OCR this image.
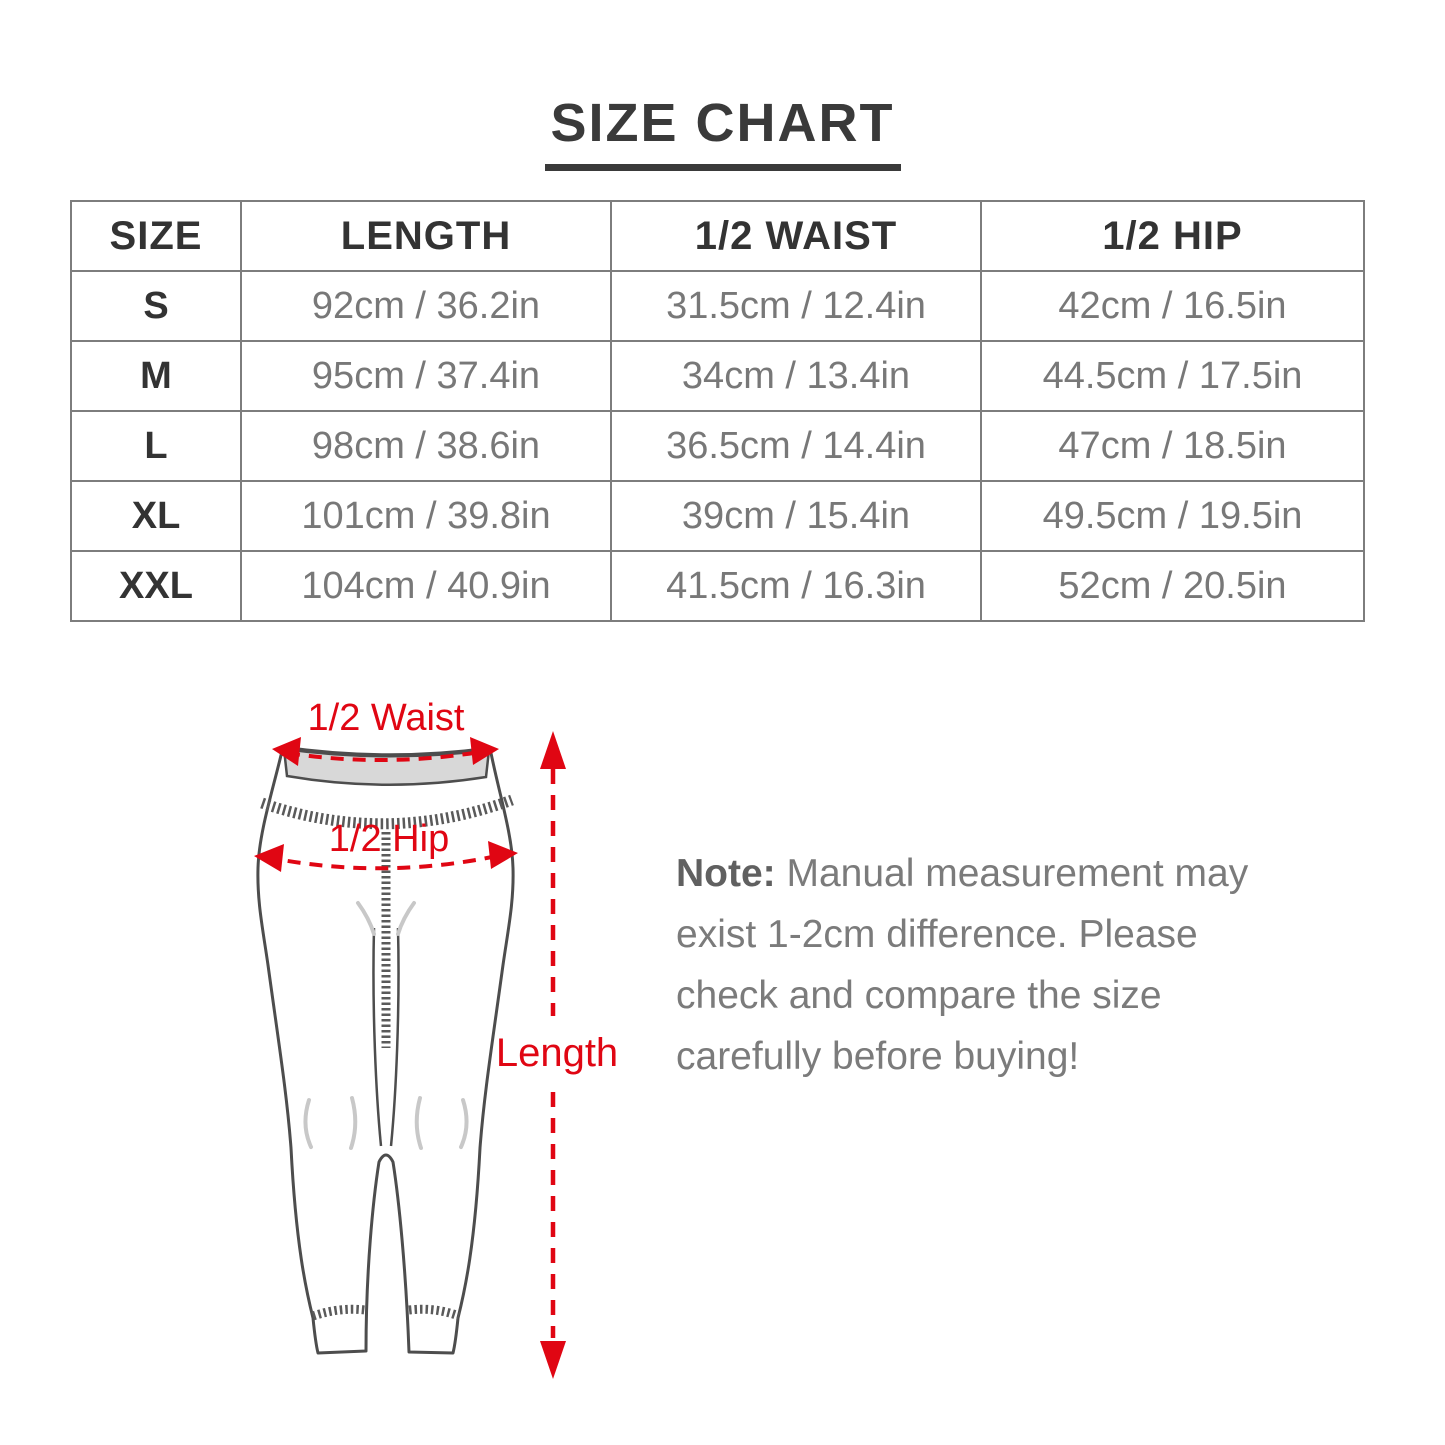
SIZE CHART
SIZE	LENGTH	1/2 WAIST	1/2 HIP
S	92cm / 36.2in	31.5cm / 12.4in	42cm / 16.5in
M	95cm / 37.4in	34cm / 13.4in	44.5cm / 17.5in
L	98cm / 38.6in	36.5cm / 14.4in	47cm / 18.5in
XL	101cm / 39.8in	39cm / 15.4in	49.5cm / 19.5in
XXL	104cm / 40.9in	41.5cm / 16.3in	52cm / 20.5in
1/2 Waist
1/2 Hip
Length
Note: Manual measurement may
exist 1-2cm difference. Please
check and compare the size
carefully before buying!
